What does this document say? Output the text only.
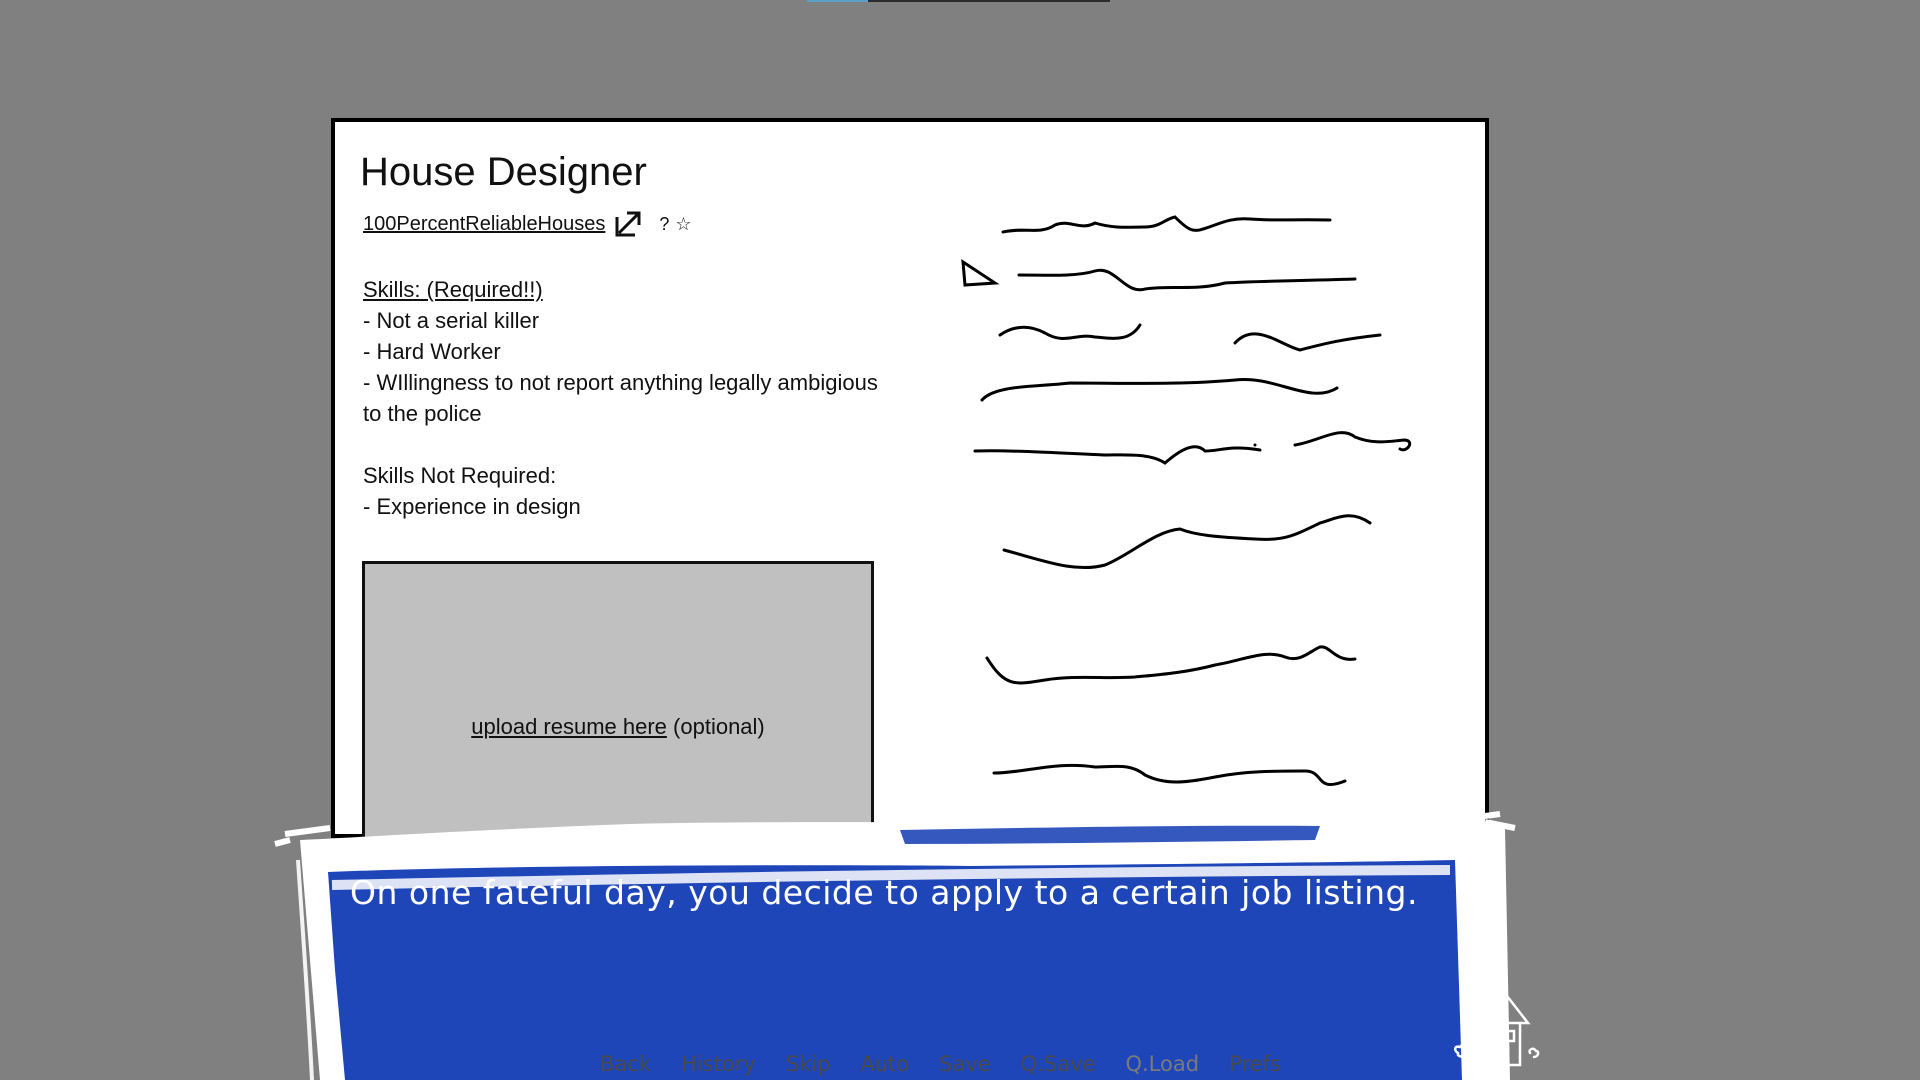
House Designer
100PercentReliableHouses	? ☆

Skills: (Required!!)

- Not a serial killer

- Hard Worker

- WIllingness to not report anything legally ambigious to the police

Skills Not Required:

- Experience in design

upload resume here (optional)

On one fateful day, you decide to apply to a certain job listing.

Back History Skip Auto Save Q.Save Q.Load Prefs
